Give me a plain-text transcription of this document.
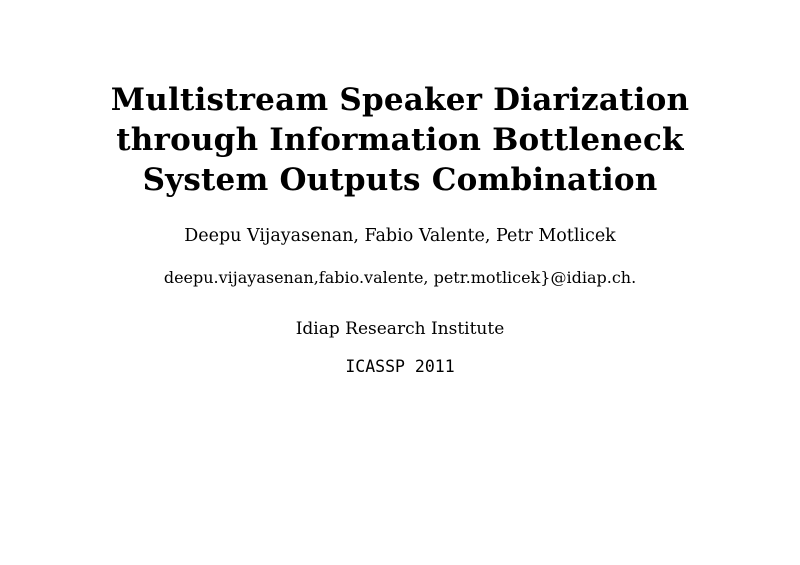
Multistream Speaker Diarization
through Information Bottleneck
System Outputs Combination
Deepu Vijayasenan, Fabio Valente, Petr Motlicek
deepu.vijayasenan,fabio.valente, petr.motlicek}@idiap.ch.
Idiap Research Institute
ICASSP 2011
